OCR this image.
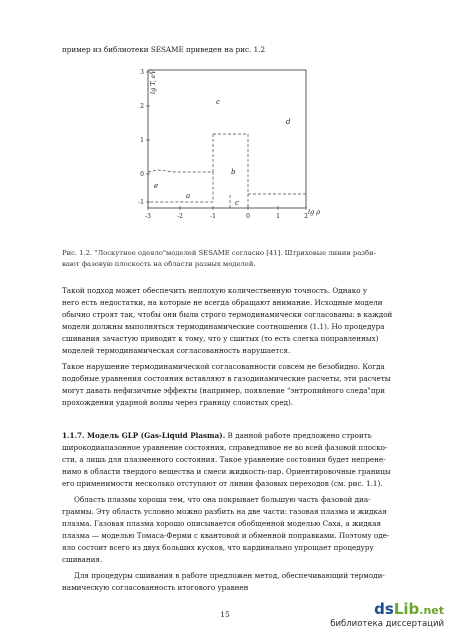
пример из библиотеки SESAME приведен на рис. 1.2
3
2
1
0
-1
lg T, eV
-3	-2	-1	0	1	2
lg ρ
c
d
a
b
e
c
Рис. 1.2. "Лоскутное одеяло"моделей SESAME согласно [41]. Штриховые линии разби-
вают фазовую плоскость на области разных моделей.
Такой подход может обеспечить неплохую количественную точность. Однако у
него есть недостатки, на которые не всегда обращают внимание. Исходные модели
обычно строят так, чтобы они были строго термодинамически согласованы: в каждой
модели должны выполняться термодинамические соотношения (1.1). Но процедура
сшивания зачастую приводит к тому, что у сшитых (то есть слегка поправленных)
моделей термодинамическая согласованность нарушается.
Такое нарушение термодинамической согласованности совсем не безобидно. Когда
подобные уравнения состояния вставляют в газодинамические расчеты, эти расчеты
могут давать нефизичные эффекты (например, появление "энтропийного следа"при
прохождении ударной волны через границу слоистых сред).
1.1.7. Модель GLP (Gas-Liquid Plasma). В данной работе предложено строить
широкодиапазонное уравнение состояния, справедливое не во всей фазовой плоско-
сти, а лишь для плазменного состояния. Такое уравнение состояния будет непрене-
нимо в области твердого вещества и смеси жидкость-пар. Ориентировочные границы
его применимости несколько отступают от линии фазовых переходов (см. рис. 1.1).
Область плазмы хороша тем, что она покрывает большую часть фазовой диа-
граммы. Эту область условно можно разбить на две части: газовая плазма и жидкая
плазма. Газовая плазма хорошо описывается обобщенной моделью Саха, а жидкая
плазма — моделью Томаса-Ферми с квантовой и обменной поправками. Поэтому оде-
яло состоит всего из двух больших кусков, что кардинально упрощает процедуру
сшивания.
Для процедуры сшивания в работе предложен метод, обеспечивающий термоди-
намическую согласованность итогового уравнен
15	dsLib.net
библиотека диссертаций
